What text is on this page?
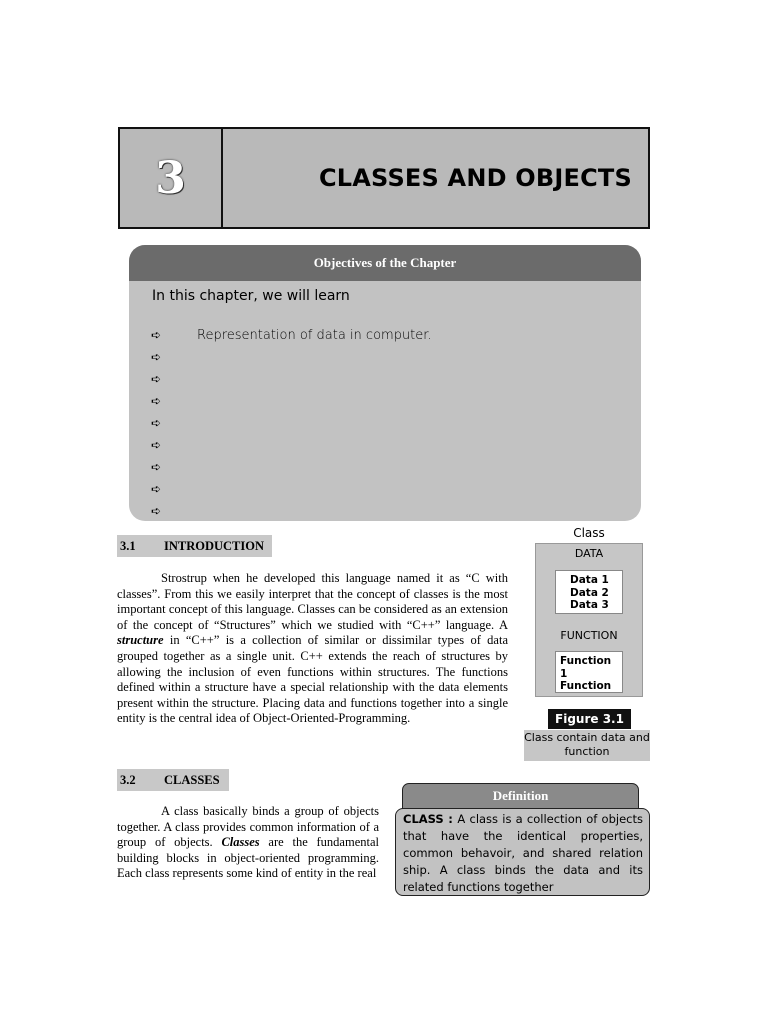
3	CLASSES AND OBJECTS
Objectives of the Chapter
In this chapter, we will learn
➪	Representation of data in computer.
➪
➪
➪
➪
➪
➪
➪
➪
3.1	INTRODUCTION

Strostrup when he developed this language named it as “C with classes”. From this we easily interpret that the concept of classes is the most important concept of this language. Classes can be considered as an extension of the concept of “Structures” which we studied with “C++” language. A structure in “C++” is a collection of similar or dissimilar types of data grouped together as a single unit. C++ extends the reach of structures by allowing the inclusion of even functions within structures. The functions defined within a structure have a special relationship with the data elements present within the structure. Placing data and functions together into a single entity is the central idea of Object-Oriented-Programming.

Class
DATA
Data 1
Data 2
Data 3
FUNCTION
Function 1
Function
Figure 3.1
Class contain data and function
3.2	CLASSES

A class basically binds a group of objects together. A class provides common information of a group of objects. Classes are the fundamental building blocks in object-oriented programming. Each class represents some kind of entity in the real

Definition
CLASS : A class is a collection of objects that have the identical properties, common behavoir, and shared relation ship. A class binds the data and its related functions together
